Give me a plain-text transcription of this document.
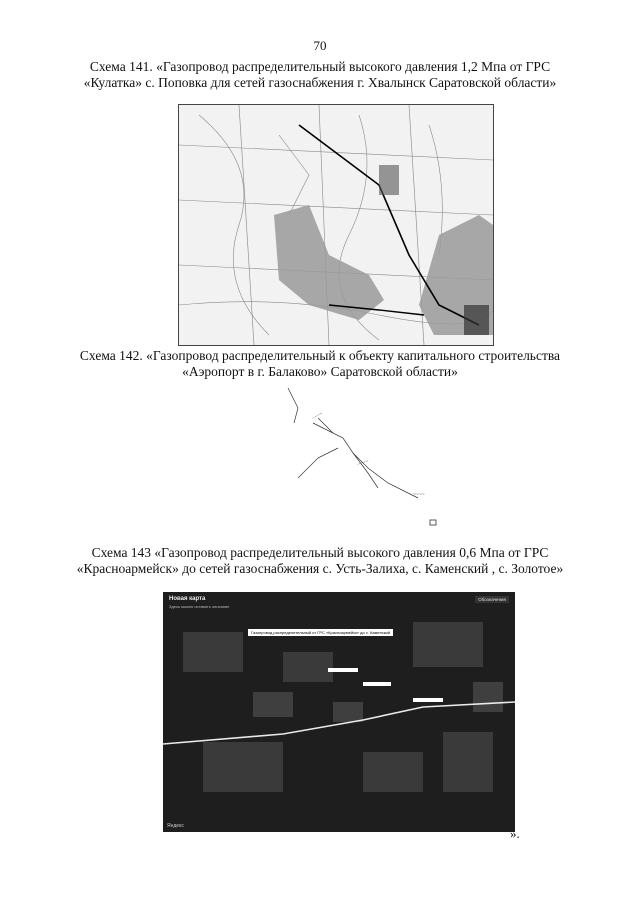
70
Схема 141. «Газопровод распределительный высокого давления 1,2 Мпа от ГРС «Кулатка» с. Поповка для сетей газоснабжения г. Хвалынск Саратовской области»
Схема 142. «Газопровод распределительный к объекту капитального строительства «Аэропорт в г. Балаково» Саратовской области»
~~~~
~~~~
~~~~
Схема 143 «Газопровод распределительный высокого давления 0,6 Мпа от ГРС «Красноармейск» до сетей газоснабжения с. Усть-Залиха, с. Каменский , с. Золотое»
Новая карта
Здесь можно оставить описание
Обозначения
Газопровод распределительный от ГРС «Красноармейск» до с. Каменский
Яндекс	».
